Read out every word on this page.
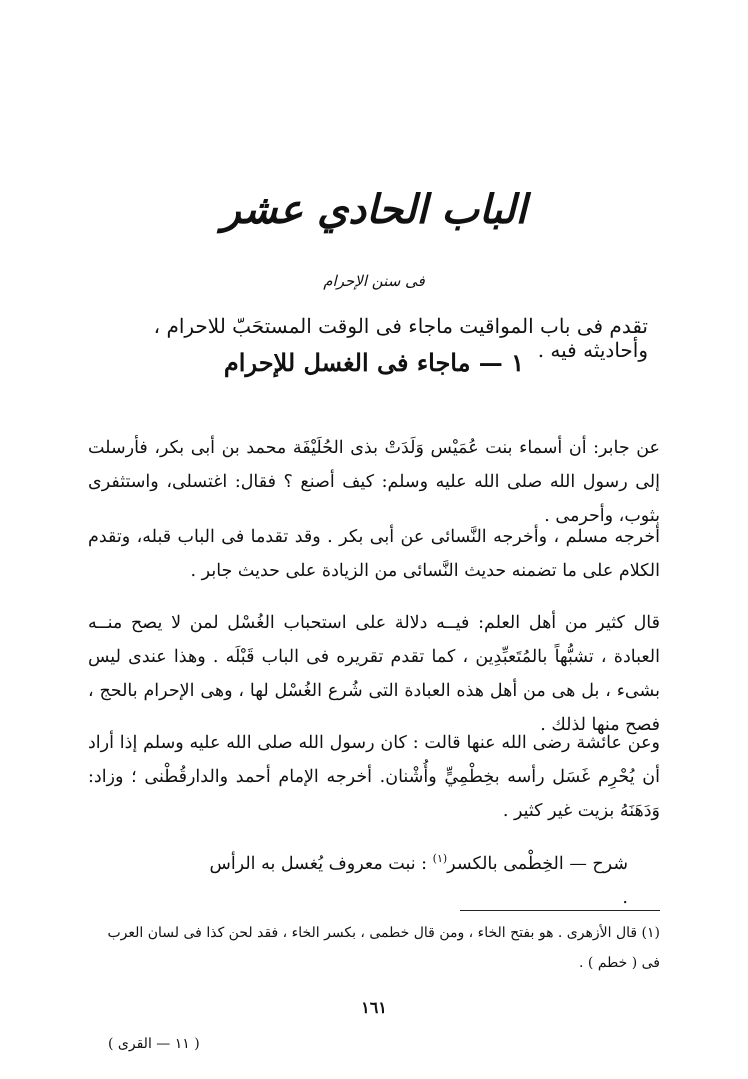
الباب الحادي عشر
فى سنن الإحرام
تقدم فى باب المواقيت ماجاء فى الوقت المستحَبّ للاحرام ، وأحاديثه فيه .
١ — ماجاء فى الغسل للإحرام

عن جابر: أن أسماء بنت عُمَيْس وَلَدَتْ بذى الحُلَيْفَة محمد بن أبى بكر، فأرسلت إلى رسول الله صلى الله عليه وسلم: كيف أصنع ؟ فقال: اغتسلى، واستثفرى بثوب، وأحرمى .

أخرجه مسلم ، وأخرجه النَّسائى عن أبى بكر . وقد تقدما فى الباب قبله، وتقدم الكلام على ما تضمنه حديث النَّسائى من الزيادة على حديث جابر .

قال كثير من أهل العلم: فيــه دلالة على استحباب الغُسْل لمن لا يصح منــه العبادة ، تشبُّهاً بالمُتَعبِّدِين ، كما تقدم تقريره فى الباب قَبْلَه . وهذا عندى ليس بشىء ، بل هى من أهل هذه العبادة التى شُرع الغُسْل لها ، وهى الإحرام بالحج ، فصح منها لذلك .

وعن عائشة رضى الله عنها قالت : كان رسول الله صلى الله عليه وسلم إذا أراد أن يُحْرِم غَسَل رأسه بخِطْمِيٍّ وأُشْنان. أخرجه الإمام أحمد والدارقُطْنى ؛ وزاد: وَدَهَنَهُ بزيت غير كثير .

شرح — الخِطْمى بالكسر$^{(١)}$ : نبت معروف يُغسل به الرأس .

(١) قال الأزهرى . هو بفتح الخاء ، ومن قال خطمى ، بكسر الخاء ، فقد لحن كذا فى لسان العرب فى ( خطم ) .
١٦١
( ١١ — القرى )
